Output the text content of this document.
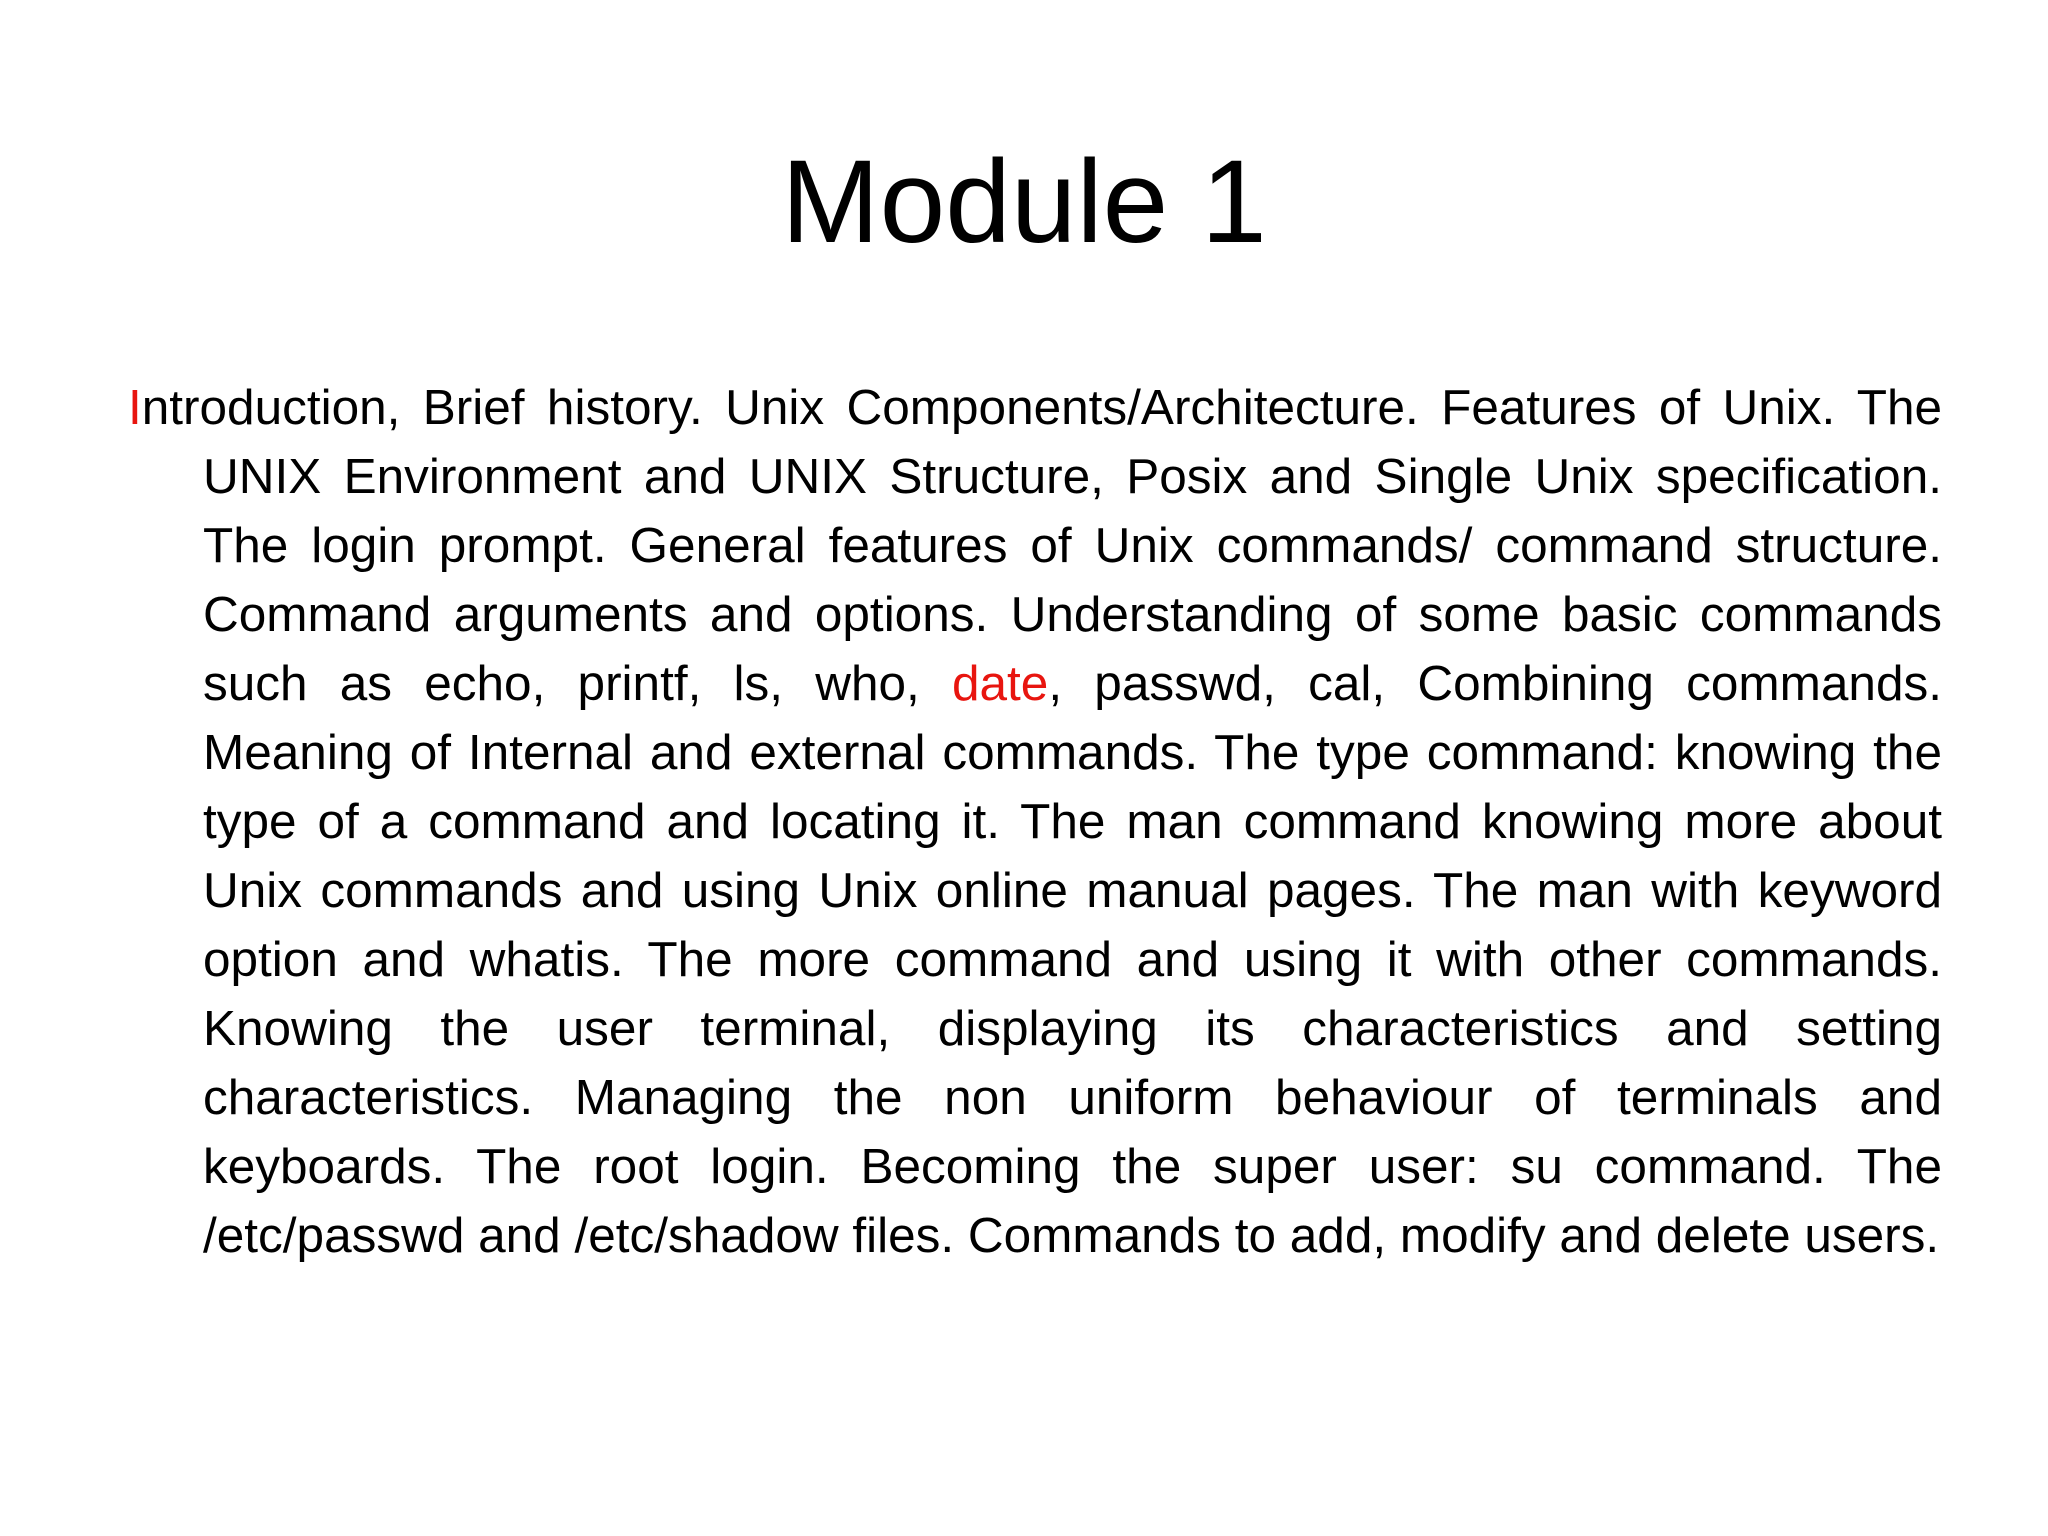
Module 1

Introduction, Brief history. Unix Components/Architecture. Features of Unix. The UNIX Environment and UNIX Structure, Posix and Single Unix specification. The login prompt. General features of Unix commands/ command structure. Command arguments and options. Understanding of some basic commands such as echo, printf, ls, who, date, passwd, cal, Combining commands. Meaning of Internal and external commands. The type command: knowing the type of a command and locating it. The man command knowing more about Unix commands and using Unix online manual pages. The man with keyword option and whatis. The more command and using it with other commands. Knowing the user terminal, displaying its characteristics and setting characteristics. Managing the non uniform behaviour of terminals and keyboards. The root login. Becoming the super user: su command. The /etc/passwd and /etc/shadow files. Commands to add, modify and delete users.
